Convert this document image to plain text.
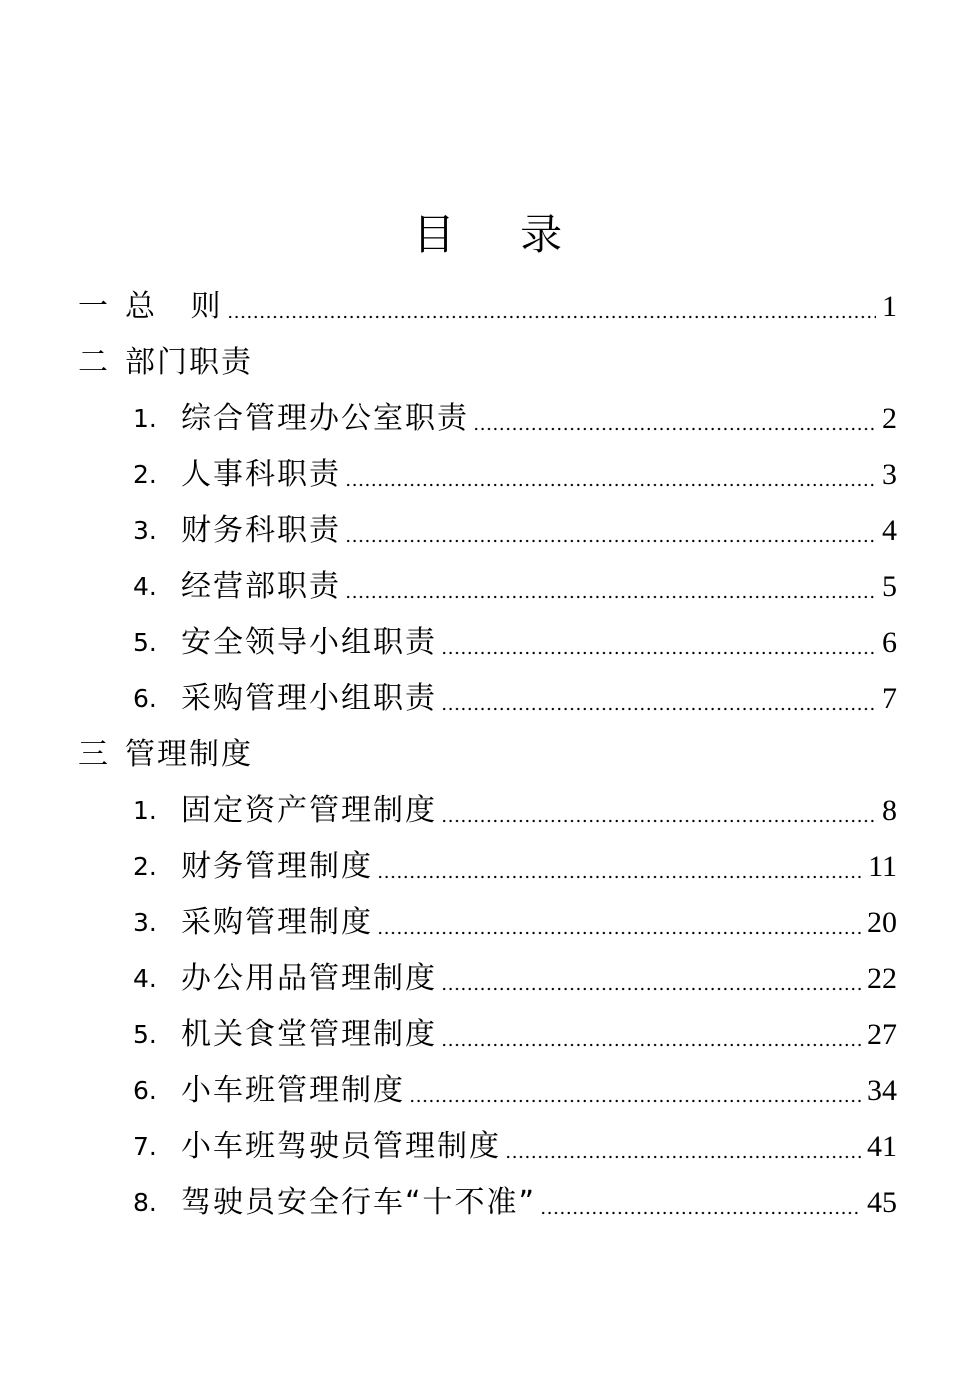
目 录
一 总 则	1
二 部门职责
1. 综合管理办公室职责	2
2. 人事科职责	3
3. 财务科职责	4
4. 经营部职责	5
5. 安全领导小组职责	6
6. 采购管理小组职责	7
三 管理制度
1. 固定资产管理制度	8
2. 财务管理制度	11
3. 采购管理制度	20
4. 办公用品管理制度	22
5. 机关食堂管理制度	27
6. 小车班管理制度	34
7. 小车班驾驶员管理制度	41
8. 驾驶员安全行车“十不准”	45
